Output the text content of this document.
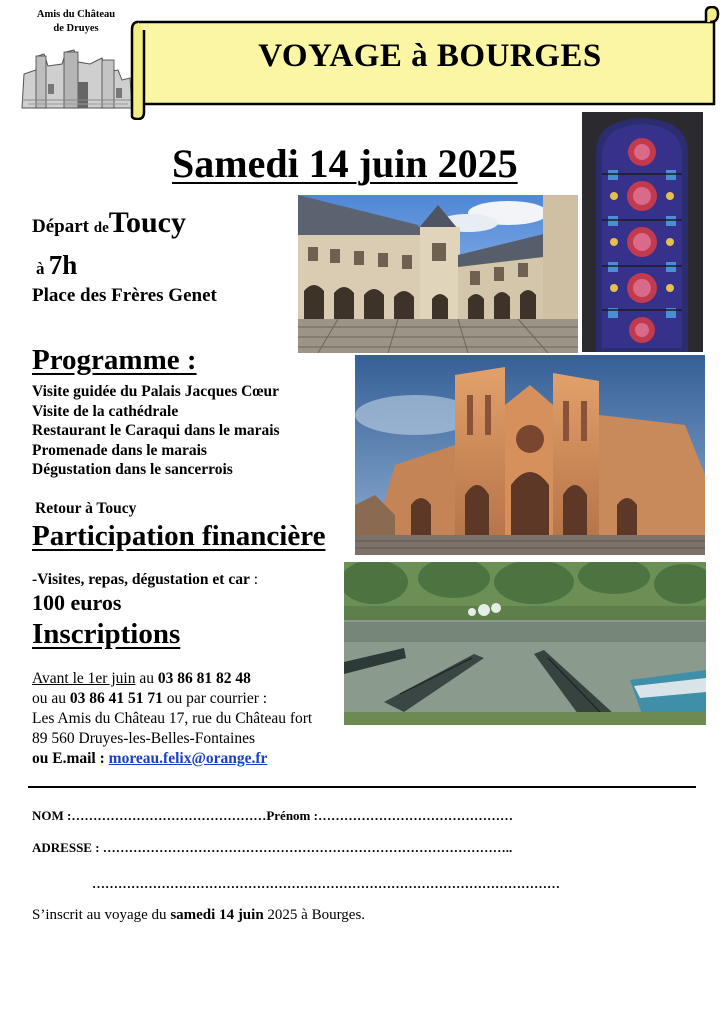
Amis du Château
de Druyes
VOYAGE à BOURGES
Samedi 14 juin 2025
Départ deToucy
à 7h
Place des Frères Genet
Programme :
Visite guidée du Palais Jacques Cœur
Visite de la cathédrale
Restaurant le Caraqui dans le marais
Promenade dans le marais
Dégustation dans le sancerrois
Retour à Toucy
Participation financière
-Visites, repas, dégustation et car :
100 euros
Inscriptions
Avant le 1er juin au 03 86 81 82 48
ou au 03 86 41 51 71 ou par courrier :
Les Amis du Château 17, rue du Château fort
89 560 Druyes-les-Belles-Fontaines
ou E.mail : moreau.felix@orange.fr
NOM :………………………………………Prénom :………………………………………
ADRESSE : …………………………………………………………………………………..
………………………………………………………………………………………………
S’inscrit au voyage du samedi 14 juin 2025 à Bourges.
